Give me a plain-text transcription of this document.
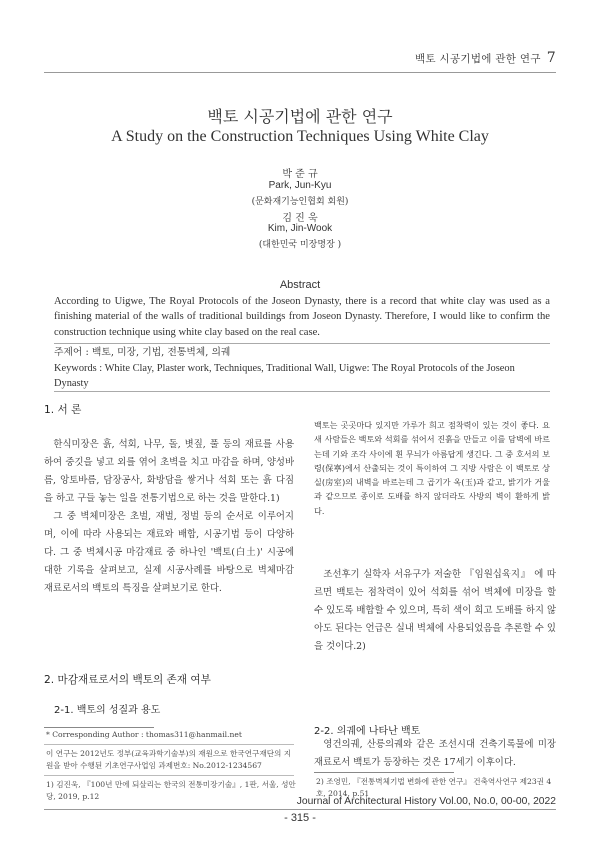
백토 시공기법에 관한 연구 7
백토 시공기법에 관한 연구
A Study on the Construction Techniques Using White Clay
박 준 규
Park, Jun-Kyu
(문화재기능인협회 회원)
김 진 욱
Kim, Jin-Wook
(대한민국 미장명장 )
Abstract
According to Uigwe, The Royal Protocols of the Joseon Dynasty, there is a record that white clay was used as a finishing material of the walls of traditional buildings from Joseon Dynasty. Therefore, I would like to confirm the construction technique using white clay based on the real case.
주제어 : 백토, 미장, 기법, 전통벽체, 의궤
Keywords : White Clay, Plaster work, Techniques, Traditional Wall, Uigwe: The Royal Protocols of the Joseon Dynasty
1. 서 론

한식미장은 흙, 석회, 나무, 돌, 볏짚, 풀 등의 재료를 사용하여 중깃을 넣고 외를 엮어 초벽을 치고 마감을 하며, 양성바름, 앙토바름, 담장공사, 화방담을 쌓거나 석회 또는 흙 다짐을 하고 구들 놓는 일을 전통기법으로 하는 것을 말한다.1)

그 중 벽체미장은 초벌, 재벌, 정벌 등의 순서로 이루어지며, 이에 따라 사용되는 재료와 배합, 시공기법 등이 다양하다. 그 중 벽체시공 마감재료 중 하나인 '백토(白土)' 시공에 대한 기록을 살펴보고, 실제 시공사례를 바탕으로 벽체마감 재료로서의 백토의 특징을 살펴보기로 한다.

2. 마감재료로서의 백토의 존재 여부
2-1. 백토의 성질과 용도
* Corresponding Author : thomas311@hanmail.net
이 연구는 2012년도 정부(교육과학기술부)의 재원으로 한국연구재단의 지원을 받아 수행된 기초연구사업임 과제번호: No.2012-1234567
1) 김진욱, 『100년 만에 되살리는 한국의 전통미장기술』, 1판, 서울, 성안당, 2019, p.12
백토는 곳곳마다 있지만 가루가 희고 점착력이 있는 것이 좋다. 요새 사람들은 백토와 석회를 섞어서 진흙을 만들고 이를 담벽에 바르는데 기와 조각 사이에 흰 무늬가 아름답게 생긴다. 그 중 호서의 보령(保寧)에서 산출되는 것이 특이하여 그 지방 사람은 이 백토로 상실(房室)의 내벽을 바르는데 그 곱기가 옥(玉)과 같고, 밝기가 거울과 같으므로 종이로 도배를 하지 않더라도 사방의 벽이 환하게 밝다.

조선후기 실학자 서유구가 저술한 『임원십육지』 에 따르면 백토는 점착력이 있어 석회를 섞어 벽체에 미장을 할 수 있도록 배합할 수 있으며, 특히 색이 희고 도배를 하지 않아도 된다는 언급은 실내 벽체에 사용되었음을 추론할 수 있을 것이다.2)

2-2. 의궤에 나타난 백토

영건의궤, 산릉의궤와 같은 조선시대 건축기록물에 미장재료로서 백토가 등장하는 것은 17세기 이후이다.

2) 조영민, 『전통벽체기법 변화에 관한 연구』 건축역사연구 제23권 4호, 2014, p.51
Journal of Architectural History Vol.00, No.0, 00-00, 2022
- 315 -
